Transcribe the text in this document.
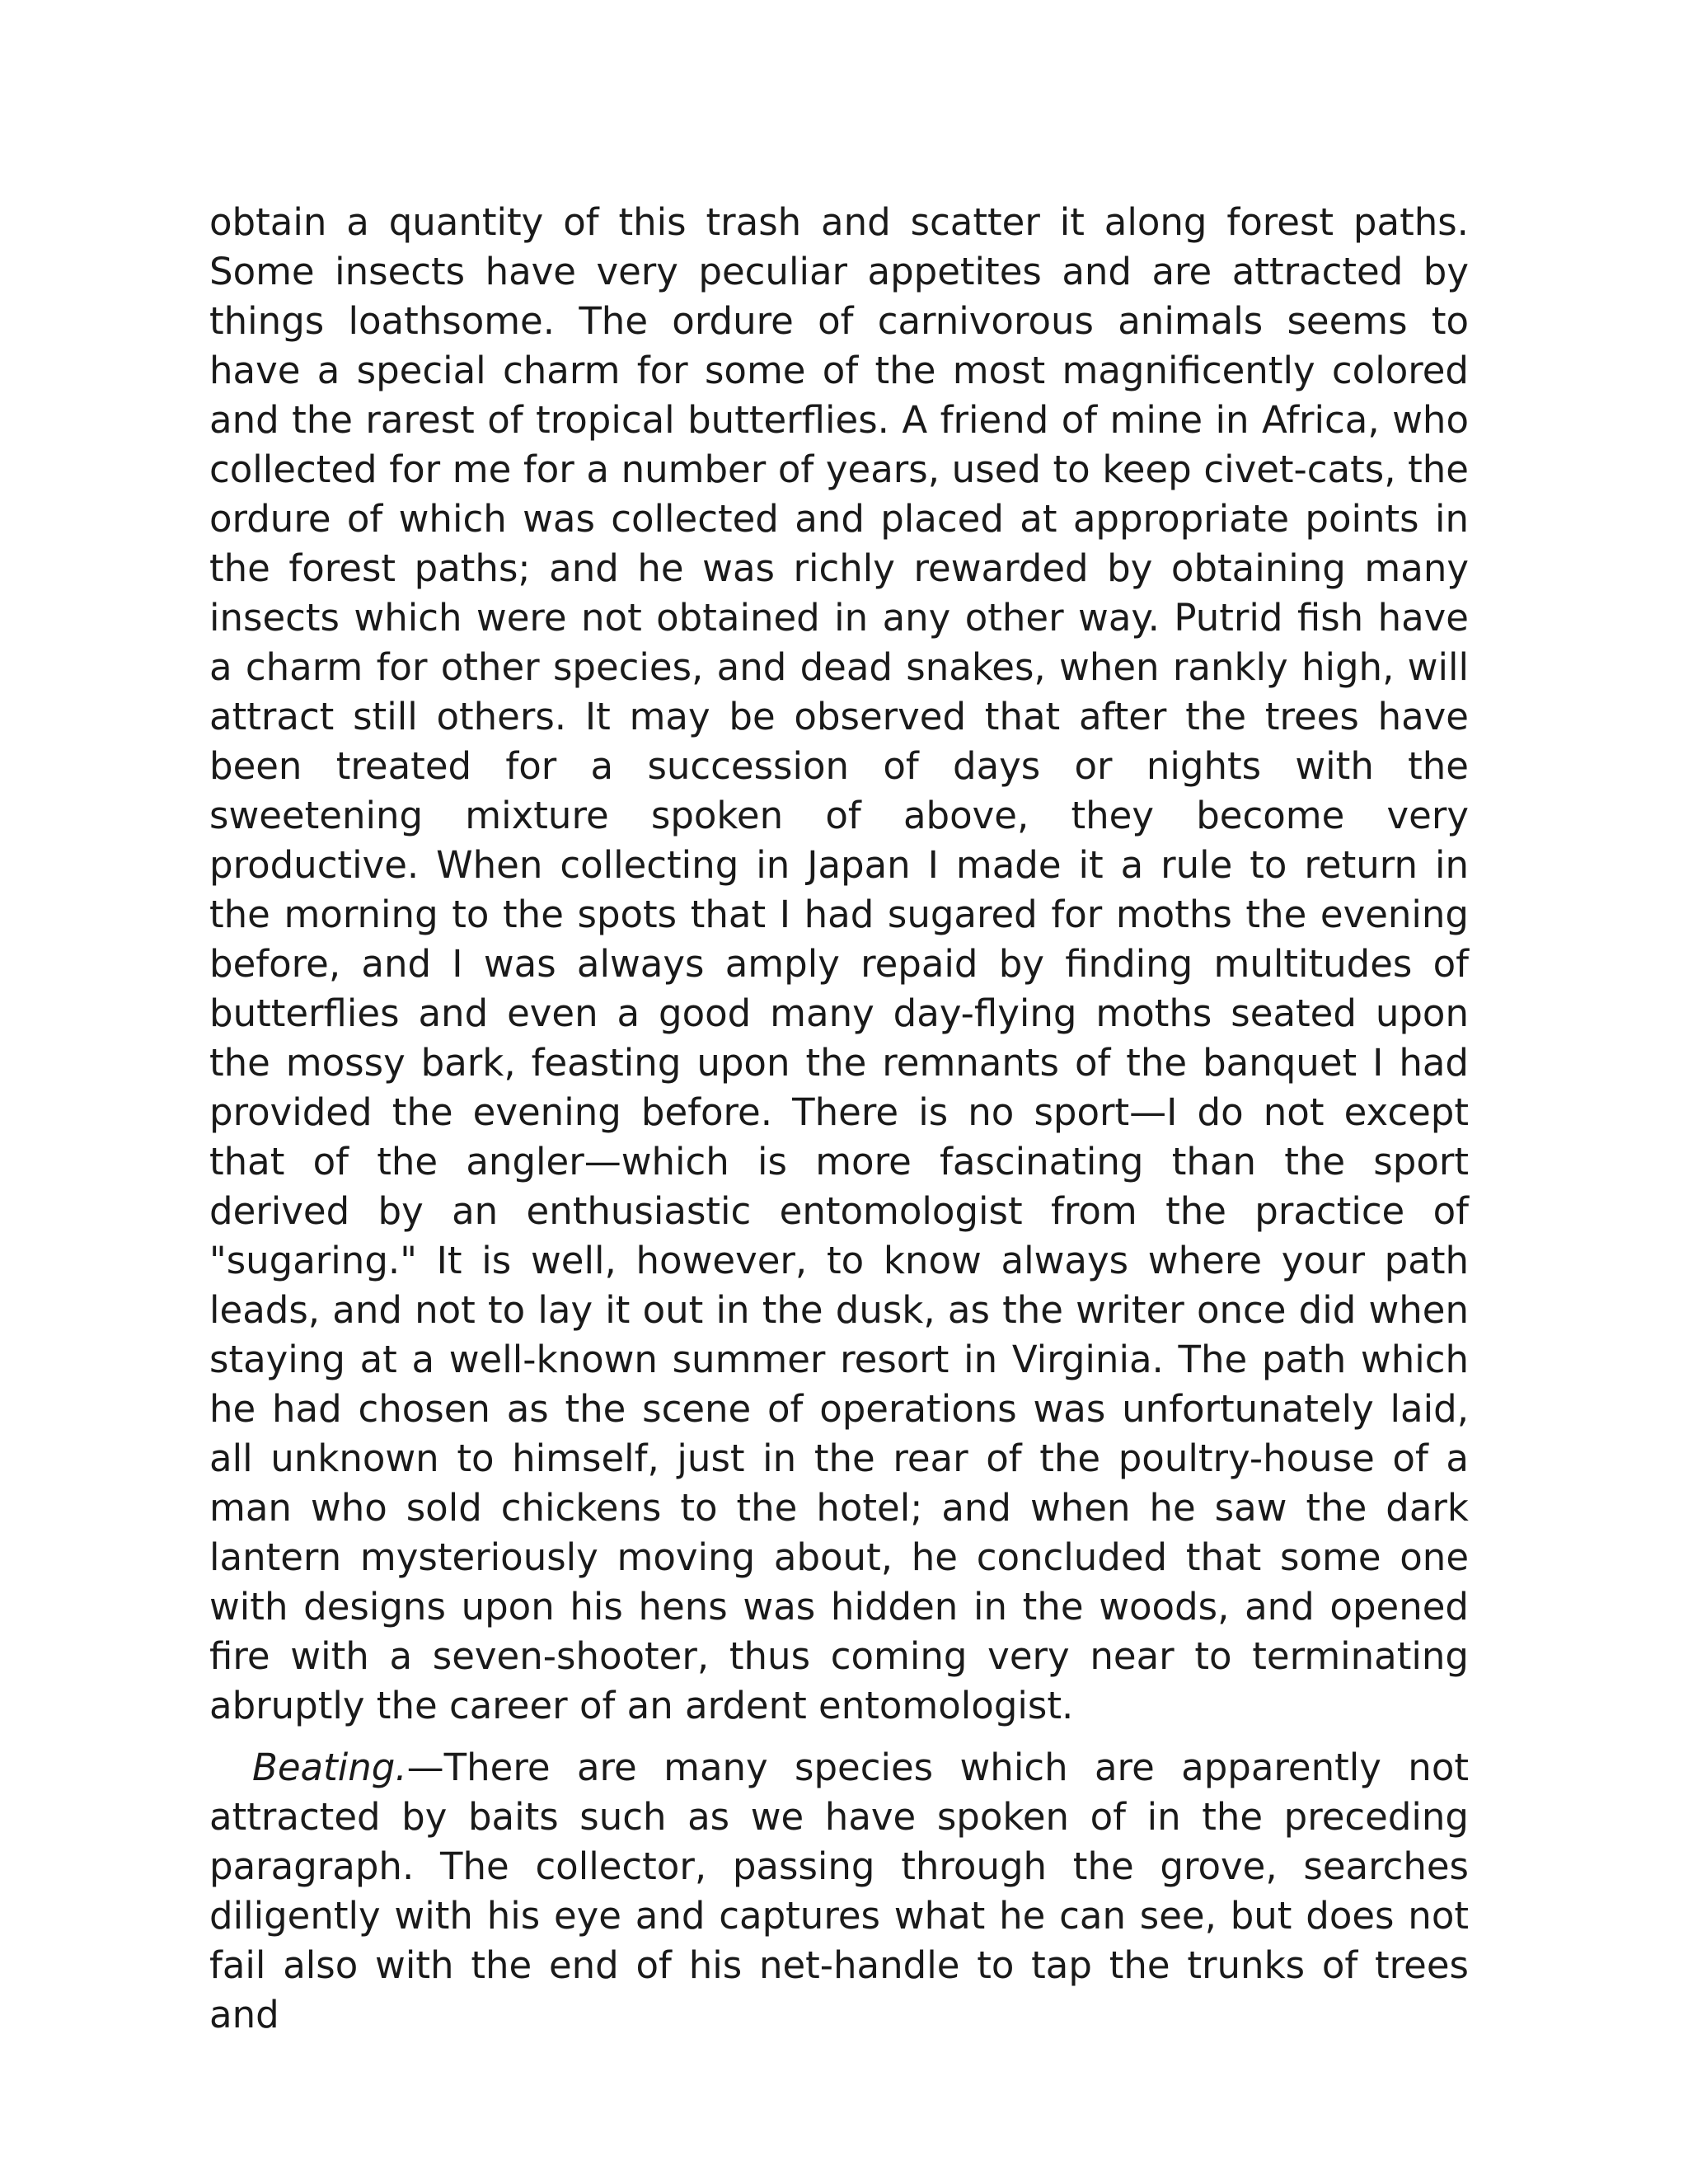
obtain a quantity of this trash and scatter it along forest paths. Some insects have very peculiar appetites and are attracted by things loathsome. The ordure of carnivorous animals seems to have a special charm for some of the most magnificently colored and the rarest of tropical butterflies. A friend of mine in Africa, who collected for me for a number of years, used to keep civet-cats, the ordure of which was collected and placed at appropriate points in the forest paths; and he was richly rewarded by obtaining many insects which were not obtained in any other way. Putrid fish have a charm for other species, and dead snakes, when rankly high, will attract still others. It may be observed that after the trees have been treated for a succession of days or nights with the sweetening mixture spoken of above, they become very productive. When collecting in Japan I made it a rule to return in the morning to the spots that I had sugared for moths the evening before, and I was always amply repaid by finding multitudes of butterflies and even a good many day-flying moths seated upon the mossy bark, feasting upon the remnants of the banquet I had provided the evening before. There is no sport—I do not except that of the angler—which is more fascinating than the sport derived by an enthusiastic entomologist from the practice of "sugaring." It is well, however, to know always where your path leads, and not to lay it out in the dusk, as the writer once did when staying at a well-known summer resort in Virginia. The path which he had chosen as the scene of operations was unfortunately laid, all unknown to himself, just in the rear of the poultry-house of a man who sold chickens to the hotel; and when he saw the dark lantern mysteriously moving about, he concluded that some one with designs upon his hens was hidden in the woods, and opened fire with a seven-shooter, thus coming very near to terminating abruptly the career of an ardent entomologist.

Beating.—There are many species which are apparently not attracted by baits such as we have spoken of in the preceding paragraph. The collector, passing through the grove, searches diligently with his eye and captures what he can see, but does not fail also with the end of his net-handle to tap the trunks of trees and
